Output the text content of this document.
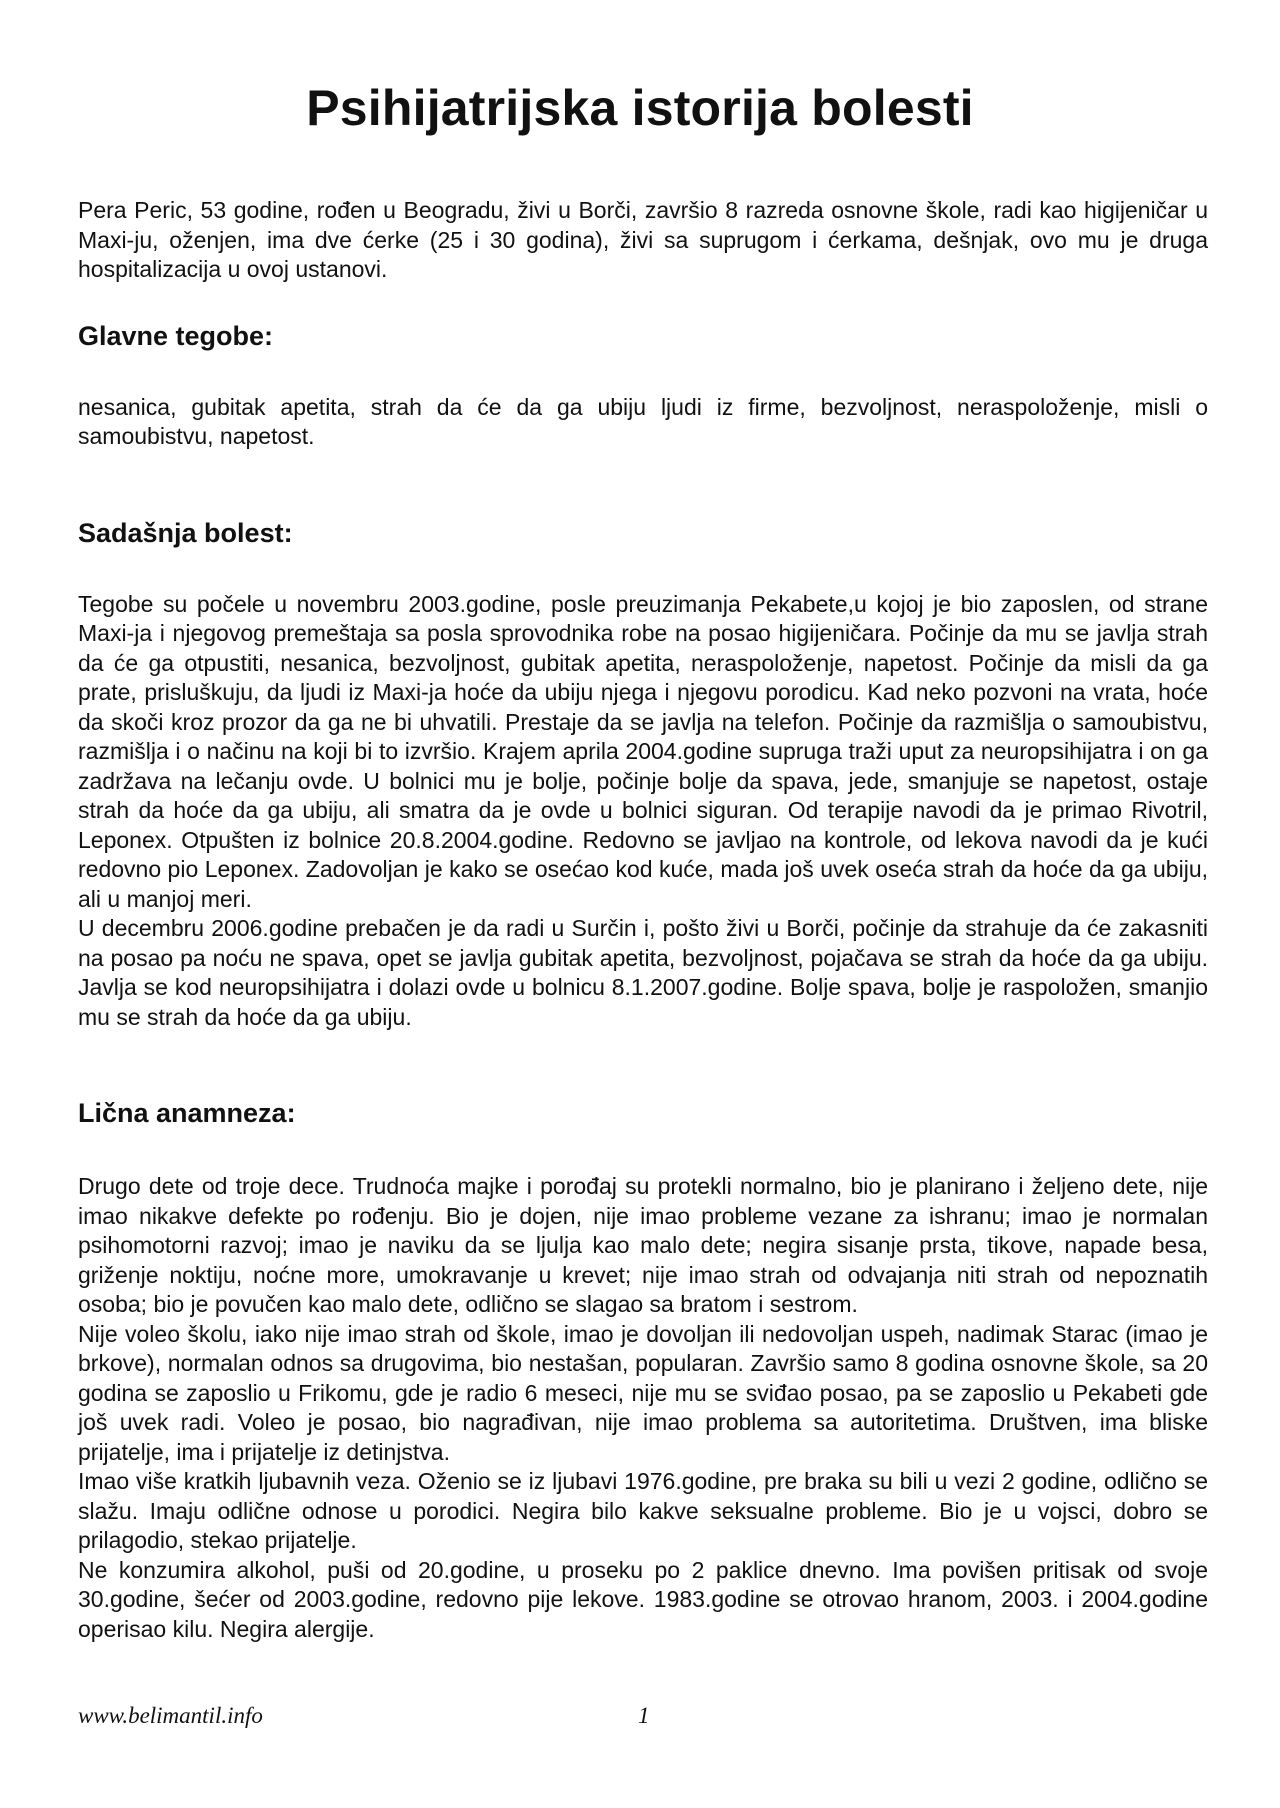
Psihijatrijska istorija bolesti

Pera Peric, 53 godine, rođen u Beogradu, živi u Borči, završio 8 razreda osnovne škole, radi kao higijeničar u Maxi-ju, oženjen, ima dve ćerke (25 i 30 godina), živi sa suprugom i ćerkama, dešnjak, ovo mu je druga hospitalizacija u ovoj ustanovi.

Glavne tegobe:

nesanica, gubitak apetita, strah da će da ga ubiju ljudi iz firme, bezvoljnost, neraspoloženje, misli o samoubistvu, napetost.

Sadašnja bolest:

Tegobe su počele u novembru 2003.godine, posle preuzimanja Pekabete,u kojoj je bio zaposlen, od strane Maxi-ja i njegovog premeštaja sa posla sprovodnika robe na posao higijeničara. Počinje da mu se javlja strah da će ga otpustiti, nesanica, bezvoljnost, gubitak apetita, neraspoloženje, napetost. Počinje da misli da ga prate, prisluškuju, da ljudi iz Maxi-ja hoće da ubiju njega i njegovu porodicu. Kad neko pozvoni na vrata, hoće da skoči kroz prozor da ga ne bi uhvatili. Prestaje da se javlja na telefon. Počinje da razmišlja o samoubistvu, razmišlja i o načinu na koji bi to izvršio. Krajem aprila 2004.godine supruga traži uput za neuropsihijatra i on ga zadržava na lečanju ovde. U bolnici mu je bolje, počinje bolje da spava, jede, smanjuje se napetost, ostaje strah da hoće da ga ubiju, ali smatra da je ovde u bolnici siguran. Od terapije navodi da je primao Rivotril, Leponex. Otpušten iz bolnice 20.8.2004.godine. Redovno se javljao na kontrole, od lekova navodi da je kući redovno pio Leponex. Zadovoljan je kako se osećao kod kuće, mada još uvek oseća strah da hoće da ga ubiju, ali u manjoj meri.

U decembru 2006.godine prebačen je da radi u Surčin i, pošto živi u Borči, počinje da strahuje da će zakasniti na posao pa noću ne spava, opet se javlja gubitak apetita, bezvoljnost, pojačava se strah da hoće da ga ubiju. Javlja se kod neuropsihijatra i dolazi ovde u bolnicu 8.1.2007.godine. Bolje spava, bolje je raspoložen, smanjio mu se strah da hoće da ga ubiju.

Lična anamneza:

Drugo dete od troje dece. Trudnoća majke i porođaj su protekli normalno, bio je planirano i željeno dete, nije imao nikakve defekte po rođenju. Bio je dojen, nije imao probleme vezane za ishranu; imao je normalan psihomotorni razvoj; imao je naviku da se ljulja kao malo dete; negira sisanje prsta, tikove, napade besa, griženje noktiju, noćne more, umokravanje u krevet; nije imao strah od odvajanja niti strah od nepoznatih osoba; bio je povučen kao malo dete, odlično se slagao sa bratom i sestrom.

Nije voleo školu, iako nije imao strah od škole, imao je dovoljan ili nedovoljan uspeh, nadimak Starac (imao je brkove), normalan odnos sa drugovima, bio nestašan, popularan. Završio samo 8 godina osnovne škole, sa 20 godina se zaposlio u Frikomu, gde je radio 6 meseci, nije mu se sviđao posao, pa se zaposlio u Pekabeti gde još uvek radi. Voleo je posao, bio nagrađivan, nije imao problema sa autoritetima. Društven, ima bliske prijatelje, ima i prijatelje iz detinjstva.

Imao više kratkih ljubavnih veza. Oženio se iz ljubavi 1976.godine, pre braka su bili u vezi 2 godine, odlično se slažu. Imaju odlične odnose u porodici. Negira bilo kakve seksualne probleme. Bio je u vojsci, dobro se prilagodio, stekao prijatelje.

Ne konzumira alkohol, puši od 20.godine, u proseku po 2 paklice dnevno. Ima povišen pritisak od svoje 30.godine, šećer od 2003.godine, redovno pije lekove. 1983.godine se otrovao hranom, 2003. i 2004.godine operisao kilu. Negira alergije.

www.belimantil.info	1
